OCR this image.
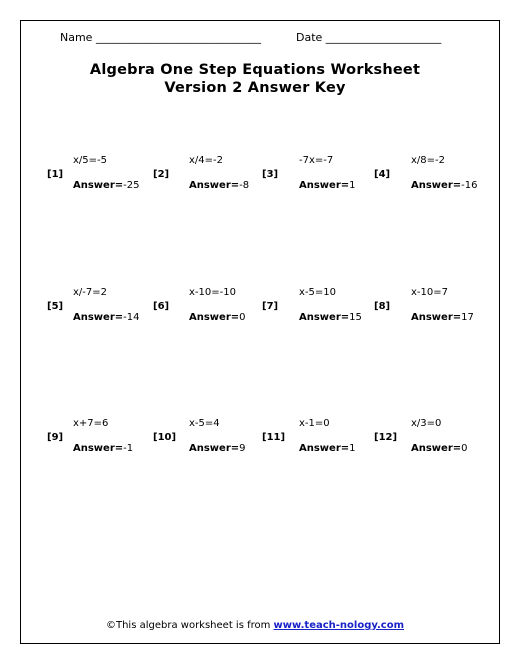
Name ______________________________	Date _____________________
Algebra One Step Equations Worksheet
Version 2 Answer Key
[1]
x/5=-5
Answer=-25
[2]
x/4=-2
Answer=-8
[3]
-7x=-7
Answer=1
[4]
x/8=-2
Answer=-16
[5]
x/-7=2
Answer=-14
[6]
x-10=-10
Answer=0
[7]
x-5=10
Answer=15
[8]
x-10=7
Answer=17
[9]
x+7=6
Answer=-1
[10]
x-5=4
Answer=9
[11]
x-1=0
Answer=1
[12]
x/3=0
Answer=0
©This algebra worksheet is from www.teach-nology.com
